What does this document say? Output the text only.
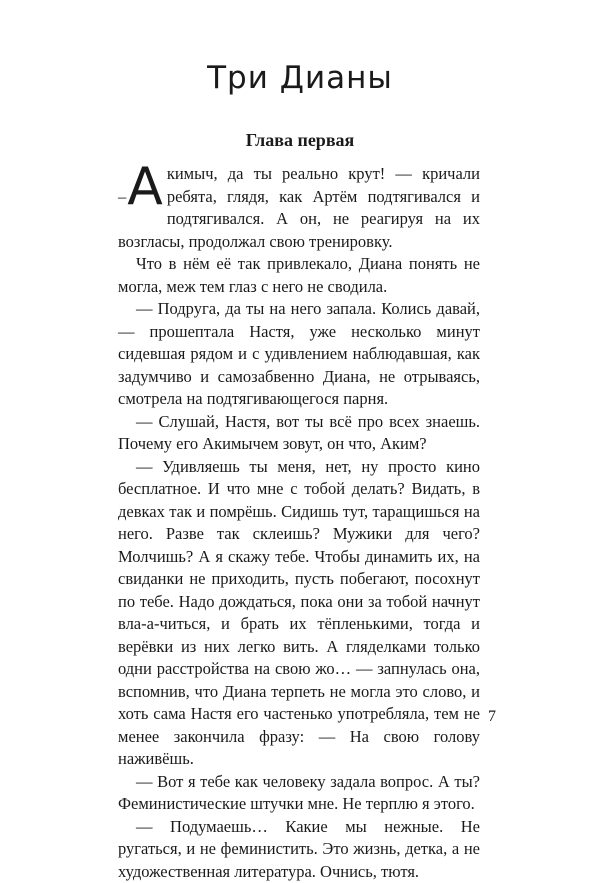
Три Дианы
Глава первая

– А кимыч, да ты реально крут! — кричали ребята, глядя, как Артём подтягивался и подтягивался. А он, не реагируя на их возгласы, продолжал свою тренировку.

Что в нём её так привлекало, Диана понять не могла, меж тем глаз с него не сводила.

— Подруга, да ты на него запала. Колись давай, — прошептала Настя, уже несколько минут сидевшая рядом и с удивлением наблюдавшая, как задумчиво и самозабвенно Диана, не отрываясь, смотрела на подтягивающегося парня.

— Слушай, Настя, вот ты всё про всех знаешь. Почему его Акимычем зовут, он что, Аким?

— Удивляешь ты меня, нет, ну просто кино бесплатное. И что мне с тобой делать? Видать, в девках так и помрёшь. Сидишь тут, таращишься на него. Разве так склеишь? Мужики для чего? Молчишь? А я скажу тебе. Чтобы динамить их, на свиданки не приходить, пусть побегают, посохнут по тебе. Надо дождаться, пока они за тобой начнут вла-а-читься, и брать их тёпленькими, тогда и верёвки из них легко вить. А гляделками только одни расстройства на свою жо… — запнулась она, вспомнив, что Диана терпеть не могла это слово, и хоть сама Настя его частенько употребляла, тем не менее закончила фразу: — На свою голову наживёшь.

— Вот я тебе как человеку задала вопрос. А ты? Феминистические штучки мне. Не терплю я этого.

— Подумаешь… Какие мы нежные. Не ругаться, и не феминистить. Это жизнь, детка, а не художественная литература. Очнись, тютя.

7
